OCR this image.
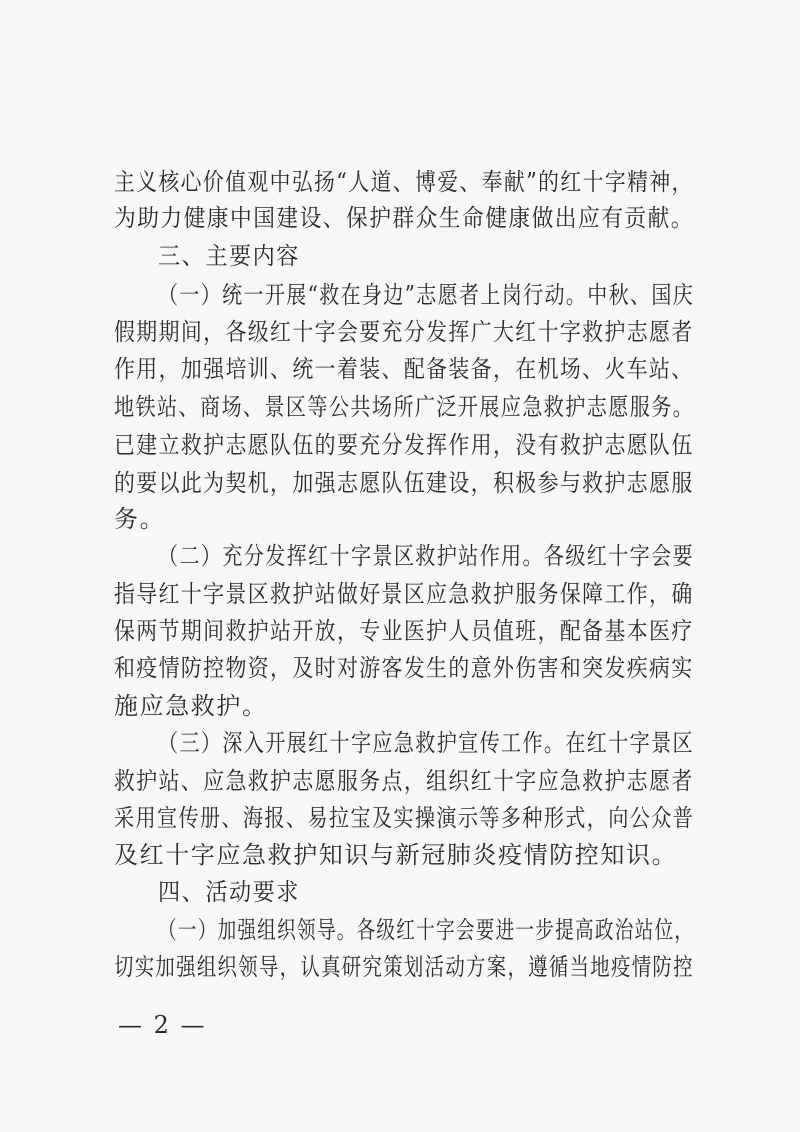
主义核心价值观中弘扬“人道、博爱、奉献”的红十字精神，
为助力健康中国建设、保护群众生命健康做出应有贡献。
三、主要内容
（一）统一开展“救在身边”志愿者上岗行动。中秋、国庆
假期期间，各级红十字会要充分发挥广大红十字救护志愿者
作用，加强培训、统一着装、配备装备，在机场、火车站、
地铁站、商场、景区等公共场所广泛开展应急救护志愿服务。
已建立救护志愿队伍的要充分发挥作用，没有救护志愿队伍
的要以此为契机，加强志愿队伍建设，积极参与救护志愿服
务。
（二）充分发挥红十字景区救护站作用。各级红十字会要
指导红十字景区救护站做好景区应急救护服务保障工作，确
保两节期间救护站开放，专业医护人员值班，配备基本医疗
和疫情防控物资，及时对游客发生的意外伤害和突发疾病实
施应急救护。
（三）深入开展红十字应急救护宣传工作。在红十字景区
救护站、应急救护志愿服务点，组织红十字应急救护志愿者
采用宣传册、海报、易拉宝及实操演示等多种形式，向公众普
及红十字应急救护知识与新冠肺炎疫情防控知识。
四、活动要求
（一）加强组织领导。各级红十字会要进一步提高政治站位，
切实加强组织领导，认真研究策划活动方案，遵循当地疫情防控
— 2 —
